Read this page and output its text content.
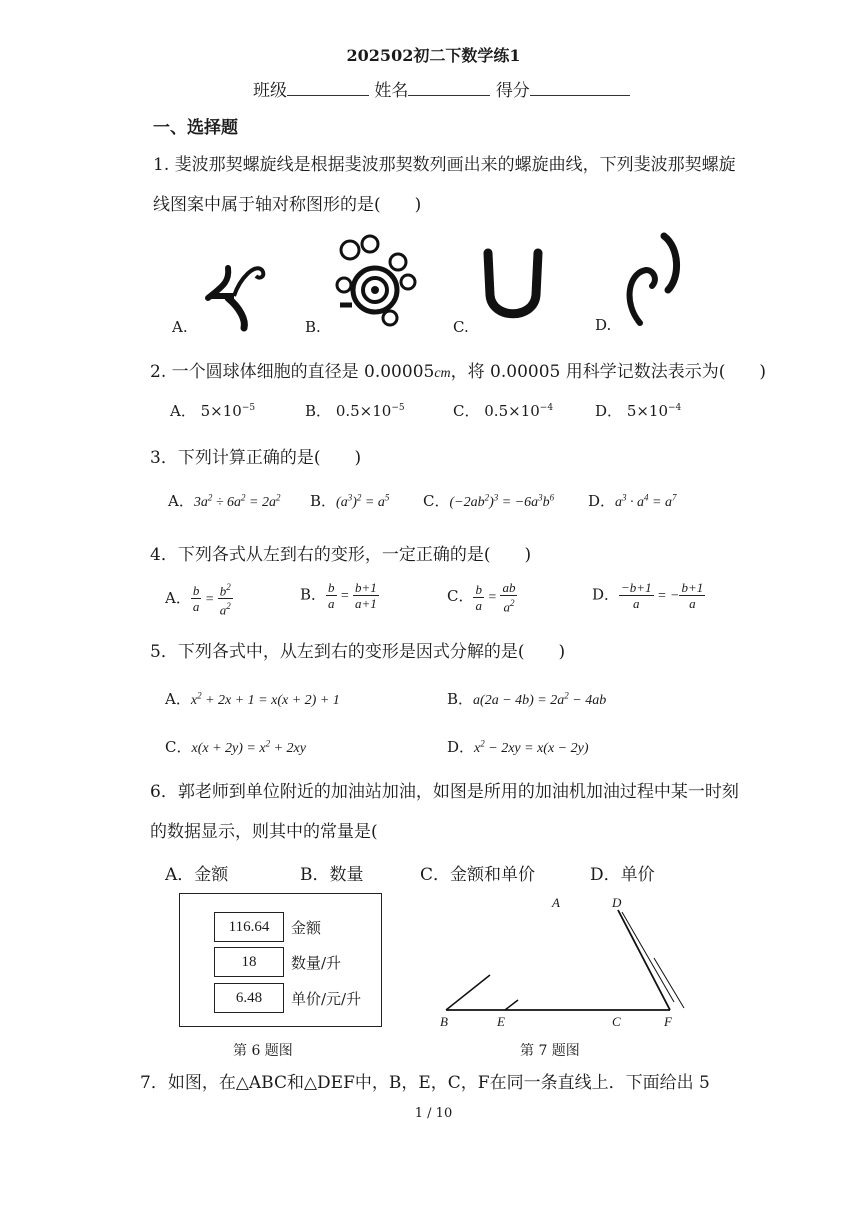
202502初二下数学练1
班级	姓名	得分
一、选择题
1. 斐波那契螺旋线是根据斐波那契数列画出来的螺旋曲线，下列斐波那契螺旋
线图案中属于轴对称图形的是(　　)
A.	B.	C.	D.
2. 一个圆球体细胞的直径是 0.00005cm，将 0.00005 用科学记数法表示为(　　)
A． $5\times 10^{-5}$	B． $0.5\times 10^{-5}$	C． $0.5\times 10^{-4}$	D． $5\times 10^{-4}$
3．下列计算正确的是(　　)
A．$3a^2 \div 6a^2 = 2a^2$ B．$(a^3)^2 = a^5$ C．$(-2ab^2)^3 = -6a^3b^6$ D．$a^3 \cdot a^4 = a^7$
4．下列各式从左到右的变形，一定正确的是(　　)
A． $\frac{b}{a} = \frac{b^2}{a^2}$	B． $\frac{b}{a} = \frac{b+1}{a+1}$	C． $\frac{b}{a} = \frac{ab}{a^2}$	D． $\frac{-b+1}{a}$ = − $\frac{b+1}{a}$
5．下列各式中，从左到右的变形是因式分解的是(　　)
A．$x^2 + 2x + 1 = x(x + 2) + 1$	B．$a(2a - 4b) = 2a^2 - 4ab$
C．$x(x + 2y) = x^2 + 2xy$	D．$x^2 - 2xy = x(x - 2y)$
6．郭老师到单位附近的加油站加油，如图是所用的加油机加油过程中某一时刻
的数据显示，则其中的常量是(
A．金额	B．数量	C．金额和单价	D．单价
116.64	金额
18	数量/升
6.48	单价/元/升
第 6 题图
A	D
B	E	C	F
第 7 题图
7．如图，在△ABC和△DEF中，B，E，C，F在同一条直线上．下面给出 5
1 / 10
